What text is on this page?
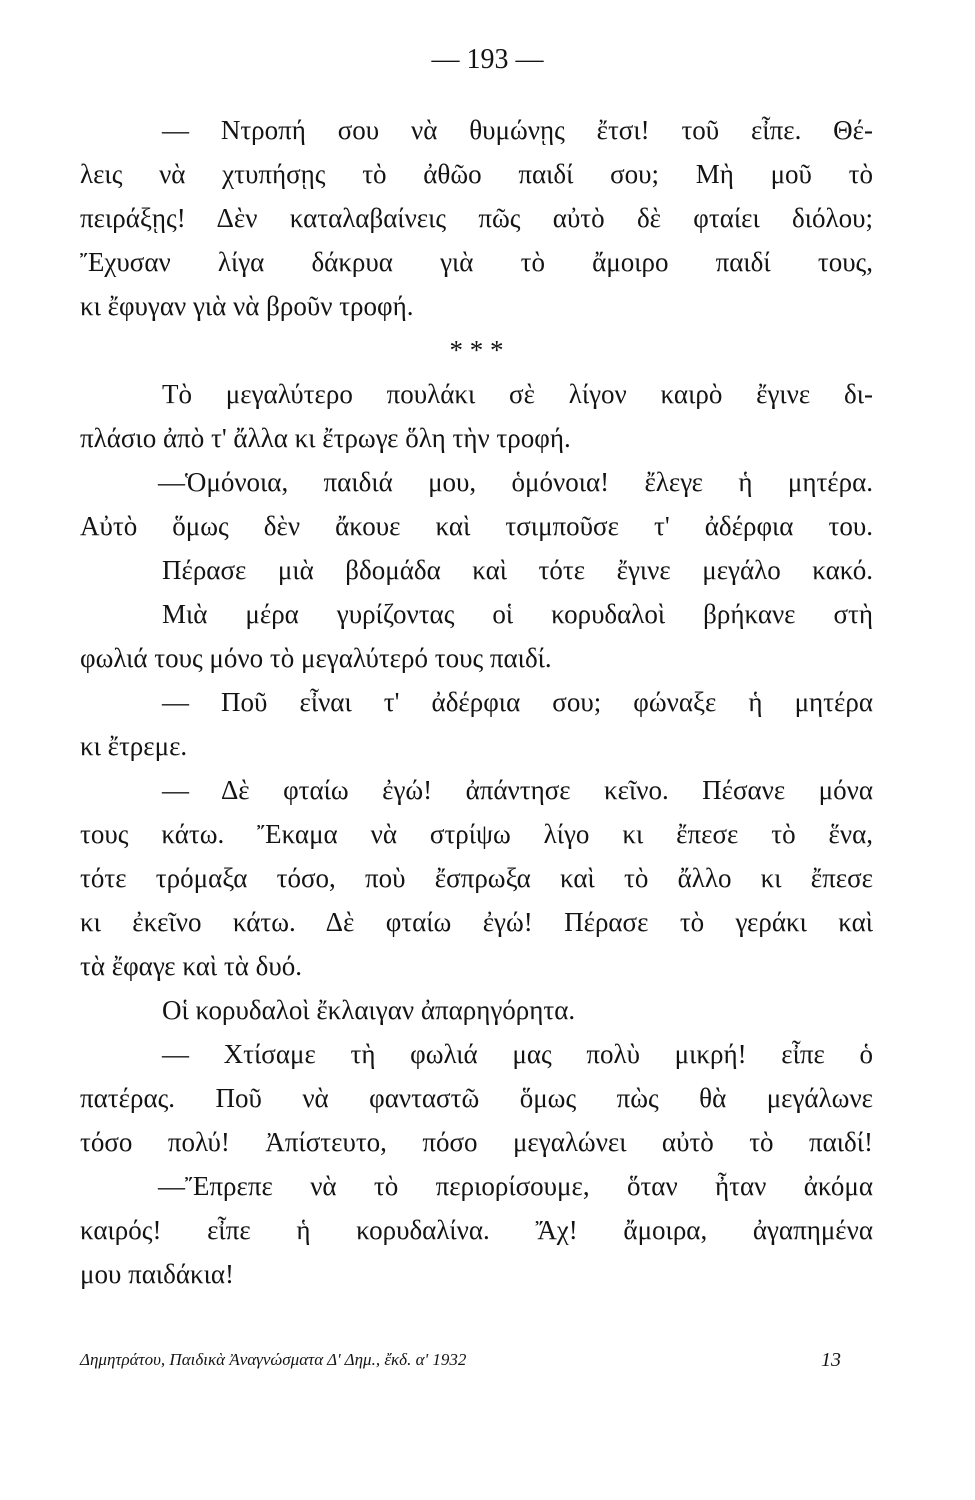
— 193 —
— Ντροπή σου νὰ θυμώνῃς ἔτσι! τοῦ εἶπε. Θέ-
λεις νὰ χτυπήσῃς τὸ ἀθῶο παιδί σου; Μὴ μοῦ τὸ
πειράξῃς! Δὲν καταλαβαίνεις πῶς αὐτὸ δὲ φταίει διόλου;
Ἔχυσαν λίγα δάκρυα γιὰ τὸ ἄμοιρο παιδί τους,
κι ἔφυγαν γιὰ νὰ βροῦν τροφή.
* * *
Τὸ μεγαλύτερο πουλάκι σὲ λίγον καιρὸ ἔγινε δι-
πλάσιο ἀπὸ τ' ἄλλα κι ἔτρωγε ὅλη τὴν τροφή.
—Ὁμόνοια, παιδιά μου, ὁμόνοια! ἔλεγε ἡ μητέρα.
Αὐτὸ ὅμως δὲν ἄκουε καὶ τσιμποῦσε τ' ἀδέρφια του.
Πέρασε μιὰ βδομάδα καὶ τότε ἔγινε μεγάλο κακό.
Μιὰ μέρα γυρίζοντας οἱ κορυδαλοὶ βρήκανε στὴ
φωλιά τους μόνο τὸ μεγαλύτερό τους παιδί.
— Ποῦ εἶναι τ' ἀδέρφια σου; φώναξε ἡ μητέρα
κι ἔτρεμε.
— Δὲ φταίω ἐγώ! ἀπάντησε κεῖνο. Πέσανε μόνα
τους κάτω. Ἔκαμα νὰ στρίψω λίγο κι ἔπεσε τὸ ἕνα,
τότε τρόμαξα τόσο, ποὺ ἔσπρωξα καὶ τὸ ἄλλο κι ἔπεσε
κι ἐκεῖνο κάτω. Δὲ φταίω ἐγώ! Πέρασε τὸ γεράκι καὶ
τὰ ἔφαγε καὶ τὰ δυό.
Οἱ κορυδαλοὶ ἔκλαιγαν ἀπαρηγόρητα.
— Χτίσαμε τὴ φωλιά μας πολὺ μικρή! εἶπε ὁ
πατέρας. Ποῦ νὰ φανταστῶ ὅμως πὼς θὰ μεγάλωνε
τόσο πολύ! Ἀπίστευτο, πόσο μεγαλώνει αὐτὸ τὸ παιδί!
—Ἔπρεπε νὰ τὸ περιορίσουμε, ὅταν ἦταν ἀκόμα
καιρός! εἶπε ἡ κορυδαλίνα. Ἄχ! ἄμοιρα, ἀγαπημένα
μου παιδάκια!
Δημητράτου, Παιδικὰ Ἀναγνώσματα Δ' Δημ., ἔκδ. α' 1932	13
